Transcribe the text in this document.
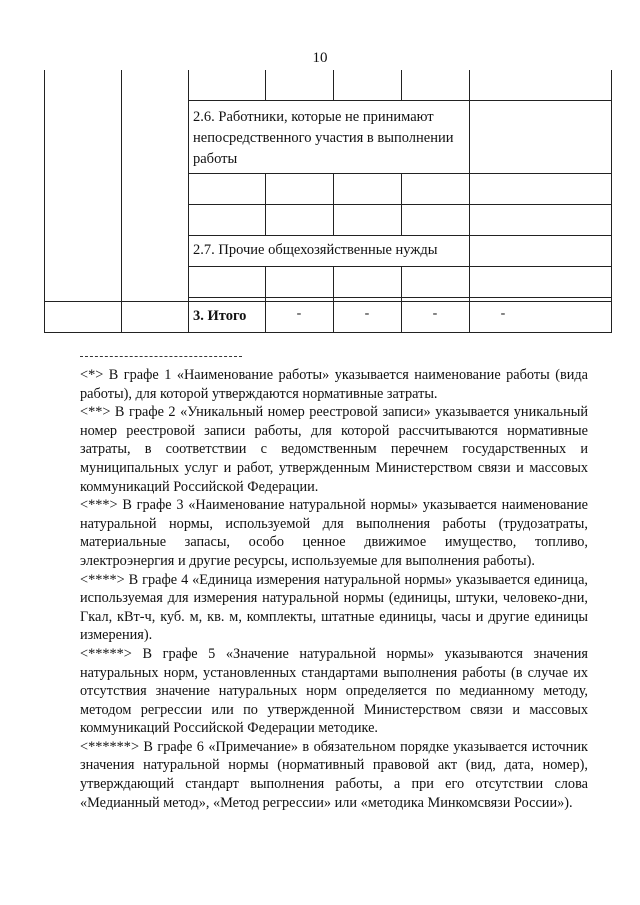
10
2.6. Работники, которые не принимают непосредственного участия в выполнении работы
2.7. Прочие общехозяйственные нужды
3. Итого	-	-	-	-

<*> В графе 1 «Наименование работы» указывается наименование работы (вида работы), для которой утверждаются нормативные затраты.

<**> В графе 2 «Уникальный номер реестровой записи» указывается уникальный номер реестровой записи работы, для которой рассчитываются нормативные затраты, в соответствии с ведомственным перечнем государственных и муниципальных услуг и работ, утвержденным Министерством связи и массовых коммуникаций Российской Федерации.

<***> В графе 3 «Наименование натуральной нормы» указывается наименование натуральной нормы, используемой для выполнения работы (трудозатраты, материальные запасы, особо ценное движимое имущество, топливо, электроэнергия и другие ресурсы, используемые для выполнения работы).

<****> В графе 4 «Единица измерения натуральной нормы» указывается единица, используемая для измерения натуральной нормы (единицы, штуки, человеко-дни, Гкал, кВт-ч, куб. м, кв. м, комплекты, штатные единицы, часы и другие единицы измерения).

<*****> В графе 5 «Значение натуральной нормы» указываются значения натуральных норм, установленных стандартами выполнения работы (в случае их отсутствия значение натуральных норм определяется по медианному методу, методом регрессии или по утвержденной Министерством связи и массовых коммуникаций Российской Федерации методике.

<******> В графе 6 «Примечание» в обязательном порядке указывается источник значения натуральной нормы (нормативный правовой акт (вид, дата, номер), утверждающий стандарт выполнения работы, а при его отсутствии слова «Медианный метод», «Метод регрессии» или «методика Минкомсвязи России»).
